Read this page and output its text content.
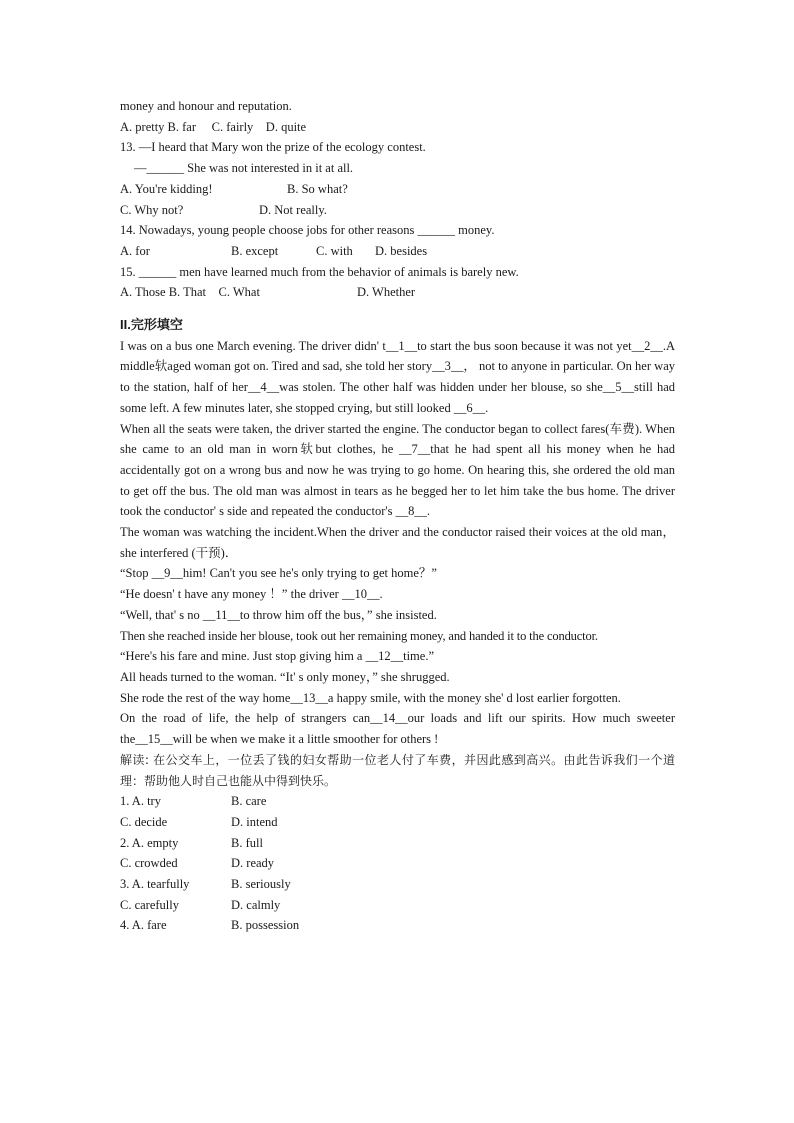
money and honour and reputation.
A. pretty B. far     C. fairly    D. quite
13. —I heard that Mary won the prize of the ecology contest.
—______ She was not interested in it at all.
A. You're kidding!	B. So what?
C. Why not?	D. Not really.
14. Nowadays, young people choose jobs for other reasons ______ money.
A. for	B. except	C. with D. besides
15. ______ men have learned much from the behavior of animals is barely new.
A. Those B. That    C. What	D. Whether
II.完形填空
I was on a bus one March evening. The driver didn' t__1__to start the bus soon because it was not yet__2__.A middle轪aged woman got on. Tired and sad, she told her story__3__， not to anyone in particular. On her way to the station, half of her__4__was stolen. The other half was hidden under her blouse, so she__5__still had some left. A few minutes later, she stopped crying, but still looked __6__.
When all the seats were taken, the driver started the engine. The conductor began to collect fares(车费). When she came to an old man in worn轪but clothes, he __7__that he had spent all his money when he had accidentally got on a wrong bus and now he was trying to go home. On hearing this, she ordered the old man to get off the bus. The old man was almost in tears as he begged her to let him take the bus home. The driver took the conductor' s side and repeated the conductor's __8__.
The woman was watching the incident.When the driver and the conductor raised their voices at the old man，she interfered (干预)．
“Stop __9__him! Can't you see he's only trying to get home？”
“He doesn' t have any money ！” the driver __10__.
“Well, that' s no __11__to throw him off the bus，” she insisted.
Then she reached inside her blouse, took out her remaining money, and handed it to the conductor.
“Here's his fare and mine. Just stop giving him a __12__time.”
All heads turned to the woman. “It' s only money，” she shrugged.
She rode the rest of the way home__13__a happy smile, with the money she' d lost earlier forgotten.
On the road of life, the help of strangers can__14__our loads and lift our spirits. How much sweeter the__15__will be when we make it a little smoother for others !
解读: 在公交车上，一位丢了钱的妇女帮助一位老人付了车费，并因此感到高兴。由此告诉我们一个道理：帮助他人时自己也能从中得到快乐。
1. A. try	B. care
C. decide	D. intend
2. A. empty	B. full
C. crowded	D. ready
3. A. tearfully	B. seriously
C. carefully	D. calmly
4. A. fare	B. possession
